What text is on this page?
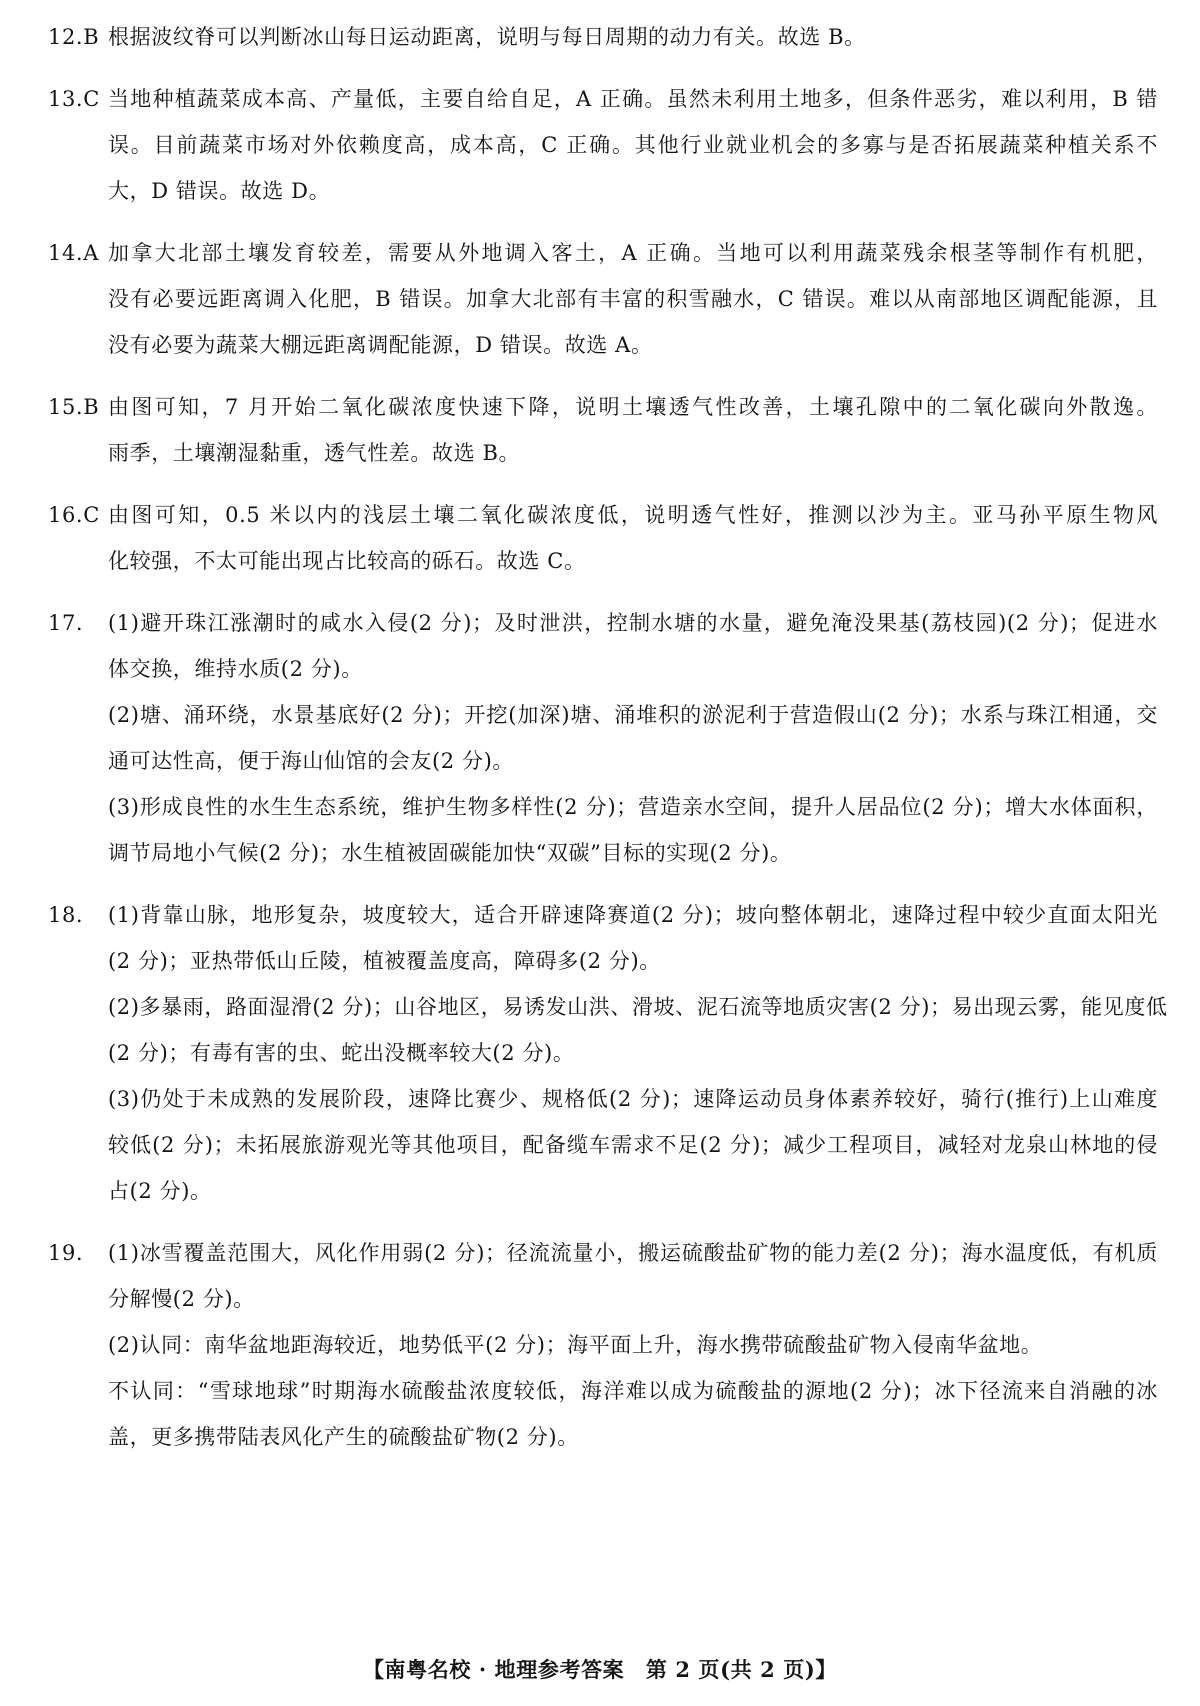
12.B 根据波纹脊可以判断冰山每日运动距离，说明与每日周期的动力有关。故选 B。
13.C 当地种植蔬菜成本高、产量低，主要自给自足，A 正确。虽然未利用土地多，但条件恶劣，难以利用，B 错
误。目前蔬菜市场对外依赖度高，成本高，C 正确。其他行业就业机会的多寡与是否拓展蔬菜种植关系不
大，D 错误。故选 D。
14.A 加拿大北部土壤发育较差，需要从外地调入客土，A 正确。当地可以利用蔬菜残余根茎等制作有机肥，
没有必要远距离调入化肥，B 错误。加拿大北部有丰富的积雪融水，C 错误。难以从南部地区调配能源，且
没有必要为蔬菜大棚远距离调配能源，D 错误。故选 A。
15.B 由图可知，7 月开始二氧化碳浓度快速下降，说明土壤透气性改善，土壤孔隙中的二氧化碳向外散逸。
雨季，土壤潮湿黏重，透气性差。故选 B。
16.C 由图可知，0.5 米以内的浅层土壤二氧化碳浓度低，说明透气性好，推测以沙为主。亚马孙平原生物风
化较强，不太可能出现占比较高的砾石。故选 C。
17.	(1)避开珠江涨潮时的咸水入侵(2 分)；及时泄洪，控制水塘的水量，避免淹没果基(荔枝园)(2 分)；促进水
体交换，维持水质(2 分)。
(2)塘、涌环绕，水景基底好(2 分)；开挖(加深)塘、涌堆积的淤泥利于营造假山(2 分)；水系与珠江相通，交
通可达性高，便于海山仙馆的会友(2 分)。
(3)形成良性的水生生态系统，维护生物多样性(2 分)；营造亲水空间，提升人居品位(2 分)；增大水体面积，
调节局地小气候(2 分)；水生植被固碳能加快“双碳”目标的实现(2 分)。
18.	(1)背靠山脉，地形复杂，坡度较大，适合开辟速降赛道(2 分)；坡向整体朝北，速降过程中较少直面太阳光
(2 分)；亚热带低山丘陵，植被覆盖度高，障碍多(2 分)。
(2)多暴雨，路面湿滑(2 分)；山谷地区，易诱发山洪、滑坡、泥石流等地质灾害(2 分)；易出现云雾，能见度低
(2 分)；有毒有害的虫、蛇出没概率较大(2 分)。
(3)仍处于未成熟的发展阶段，速降比赛少、规格低(2 分)；速降运动员身体素养较好，骑行(推行)上山难度
较低(2 分)；未拓展旅游观光等其他项目，配备缆车需求不足(2 分)；减少工程项目，减轻对龙泉山林地的侵
占(2 分)。
19.	(1)冰雪覆盖范围大，风化作用弱(2 分)；径流流量小，搬运硫酸盐矿物的能力差(2 分)；海水温度低，有机质
分解慢(2 分)。
(2)认同：南华盆地距海较近，地势低平(2 分)；海平面上升，海水携带硫酸盐矿物入侵南华盆地。
不认同：“雪球地球”时期海水硫酸盐浓度较低，海洋难以成为硫酸盐的源地(2 分)；冰下径流来自消融的冰
盖，更多携带陆表风化产生的硫酸盐矿物(2 分)。
【南粤名校 · 地理参考答案　第 2 页(共 2 页)】
